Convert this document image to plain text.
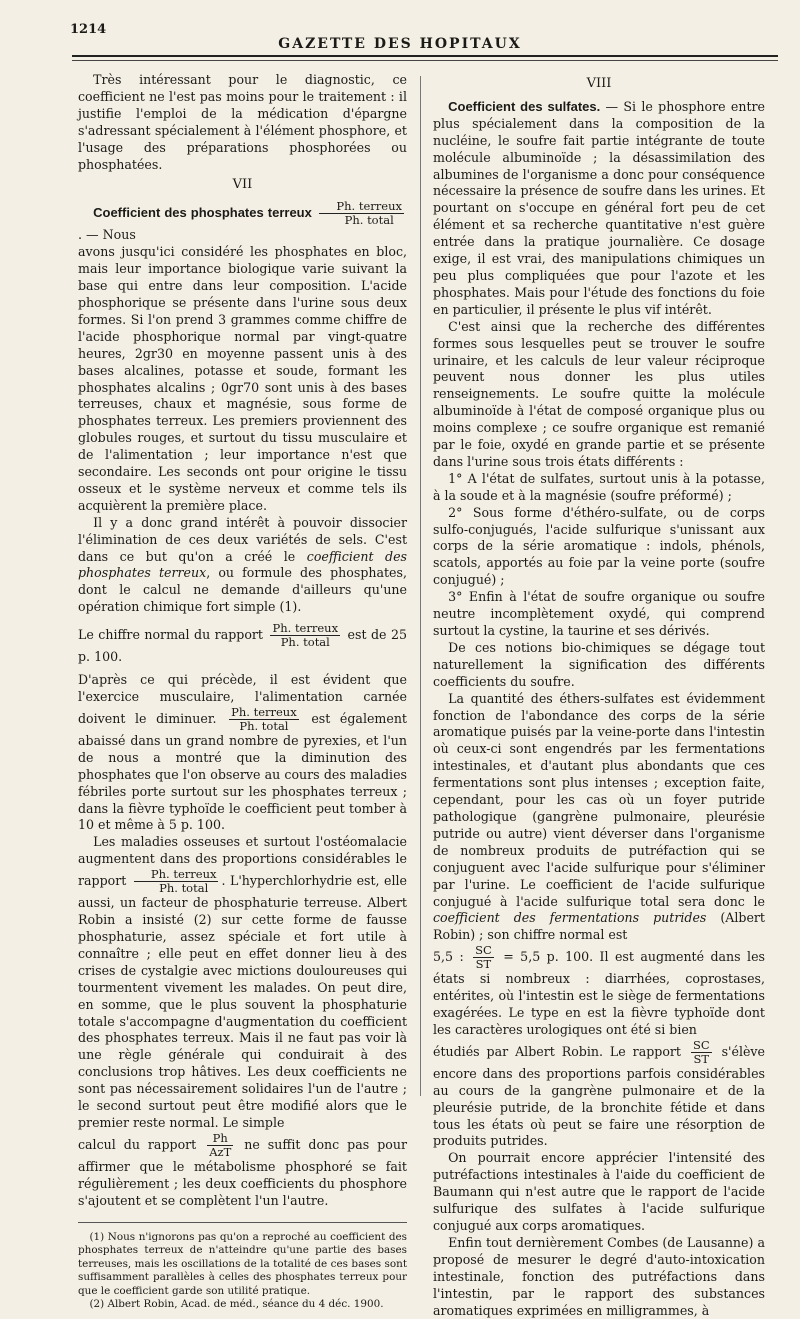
1214
GAZETTE DES HOPITAUX

Très intéressant pour le diagnostic, ce coefficient ne l'est pas moins pour le traitement : il justifie l'emploi de la médication d'épargne s'adressant spécialement à l'élément phosphore, et l'usage des préparations phosphorées ou phosphatées.

VII

Coefficient des phosphates terreux $\frac{\text{Ph. terreux}}{\text{Ph. total}}$
. — Nous

avons jusqu'ici considéré les phosphates en bloc, mais leur importance biologique varie suivant la base qui entre dans leur composition. L'acide phosphorique se présente dans l'urine sous deux formes. Si l'on prend 3 grammes comme chiffre de l'acide phosphorique normal par vingt-quatre heures, 2gr30 en moyenne passent unis à des bases alcalines, potasse et soude, formant les phosphates alcalins ; 0gr70 sont unis à des bases terreuses, chaux et magnésie, sous forme de phosphates terreux. Les premiers proviennent des globules rouges, et surtout du tissu musculaire et de l'alimentation ; leur importance n'est que secondaire. Les seconds ont pour origine le tissu osseux et le système nerveux et comme tels ils acquièrent la première place.

Il y a donc grand intérêt à pouvoir dissocier l'élimination de ces deux variétés de sels. C'est dans ce but qu'on a créé le coefficient des phosphates terreux, ou formule des phosphates, dont le calcul ne demande d'ailleurs qu'une opération chimique fort simple (1).

Le chiffre normal du rapport $\frac{\text{Ph. terreux}}{\text{Ph. total}}$ est de 25 p. 100.

D'après ce qui précède, il est évident que l'exercice musculaire, l'alimentation carnée doivent le diminuer. $\frac{\text{Ph. terreux}}{\text{Ph. total}}$ est également abaissé dans un grand nombre de pyrexies, et l'un de nous a montré que la diminution des phosphates que l'on observe au cours des maladies fébriles porte surtout sur les phosphates terreux ; dans la fièvre typhoïde le coefficient peut tomber à 10 et même à 5 p. 100.

Les maladies osseuses et surtout l'ostéomalacie augmentent dans des proportions considérables le rapport $\frac{\text{Ph. terreux}}{\text{Ph. total}}$ . L'hyperchlorhydrie est, elle aussi, un facteur de phosphaturie terreuse. Albert Robin a insisté (2) sur cette forme de fausse phosphaturie, assez spéciale et fort utile à connaître ; elle peut en effet donner lieu à des crises de cystalgie avec mictions douloureuses qui tourmentent vivement les malades. On peut dire, en somme, que le plus souvent la phosphaturie totale s'accompagne d'augmentation du coefficient des phosphates terreux. Mais il ne faut pas voir là une règle générale qui conduirait à des conclusions trop hâtives. Les deux coefficients ne sont pas nécessairement solidaires l'un de l'autre ; le second surtout peut être modifié alors que le premier reste normal. Le simple

calcul du rapport $\frac{Ph}{\text{AzT}}$ ne suffit donc pas pour affirmer que le métabolisme phosphoré se fait régulièrement ; les deux coefficients du phosphore s'ajoutent et se complètent l'un l'autre.

(1) Nous n'ignorons pas qu'on a reproché au coefficient des phosphates terreux de n'atteindre qu'une partie des bases terreuses, mais les oscillations de la totalité de ces bases sont suffisamment parallèles à celles des phosphates terreux pour que le coefficient garde son utilité pratique.

(2) Albert Robin, Acad. de méd., séance du 4 déc. 1900.

VIII

Coefficient des sulfates. — Si le phosphore entre plus spécialement dans la composition de la nucléine, le soufre fait partie intégrante de toute molécule albuminoïde ; la désassimilation des albumines de l'organisme a donc pour conséquence nécessaire la présence de soufre dans les urines. Et pourtant on s'occupe en général fort peu de cet élément et sa recherche quantitative n'est guère entrée dans la pratique journalière. Ce dosage exige, il est vrai, des manipulations chimiques un peu plus compliquées que pour l'azote et les phosphates. Mais pour l'étude des fonctions du foie en particulier, il présente le plus vif intérêt.

C'est ainsi que la recherche des différentes formes sous lesquelles peut se trouver le soufre urinaire, et les calculs de leur valeur réciproque peuvent nous donner les plus utiles renseignements. Le soufre quitte la molécule albuminoïde à l'état de composé organique plus ou moins complexe ; ce soufre organique est remanié par le foie, oxydé en grande partie et se présente dans l'urine sous trois états différents :

1° A l'état de sulfates, surtout unis à la potasse, à la soude et à la magnésie (soufre préformé) ;

2° Sous forme d'éthéro-sulfate, ou de corps sulfo-conjugués, l'acide sulfurique s'unissant aux corps de la série aromatique : indols, phénols, scatols, apportés au foie par la veine porte (soufre conjugué) ;

3° Enfin à l'état de soufre organique ou soufre neutre incomplètement oxydé, qui comprend surtout la cystine, la taurine et ses dérivés.

De ces notions bio-chimiques se dégage tout naturellement la signification des différents coefficients du soufre.

La quantité des éthers-sulfates est évidemment fonction de l'abondance des corps de la série aromatique puisés par la veine-porte dans l'intestin où ceux-ci sont engendrés par les fermentations intestinales, et d'autant plus abondants que ces fermentations sont plus intenses ; exception faite, cependant, pour les cas où un foyer putride pathologique (gangrène pulmonaire, pleurésie putride ou autre) vient déverser dans l'organisme de nombreux produits de putréfaction qui se conjuguent avec l'acide sulfurique pour s'éliminer par l'urine. Le coefficient de l'acide sulfurique conjugué à l'acide sulfurique total sera donc le coefficient des fermentations putrides (Albert Robin) ; son chiffre normal est

5,5 : $\frac{SC}{ST} = 5,5$ p. 100. Il est augmenté dans les états si nombreux : diarrhées, coprostases, entérites, où l'intestin est le siège de fermentations exagérées. Le type en est la fièvre typhoïde dont les caractères urologiques ont été si bien

étudiés par Albert Robin. Le rapport $\frac{SC}{ST}$ s'élève encore dans des proportions parfois considérables au cours de la gangrène pulmonaire et de la pleurésie putride, de la bronchite fétide et dans tous les états où peut se faire une résorption de produits putrides.

On pourrait encore apprécier l'intensité des putréfactions intestinales à l'aide du coefficient de Baumann qui n'est autre que le rapport de l'acide sulfurique des sulfates à l'acide sulfurique conjugué aux corps aromatiques.

Enfin tout dernièrement Combes (de Lausanne) a proposé de mesurer le degré d'auto-intoxication intestinale, fonction des putréfactions dans l'intestin, par le rapport des substances aromatiques exprimées en milligrammes, à
